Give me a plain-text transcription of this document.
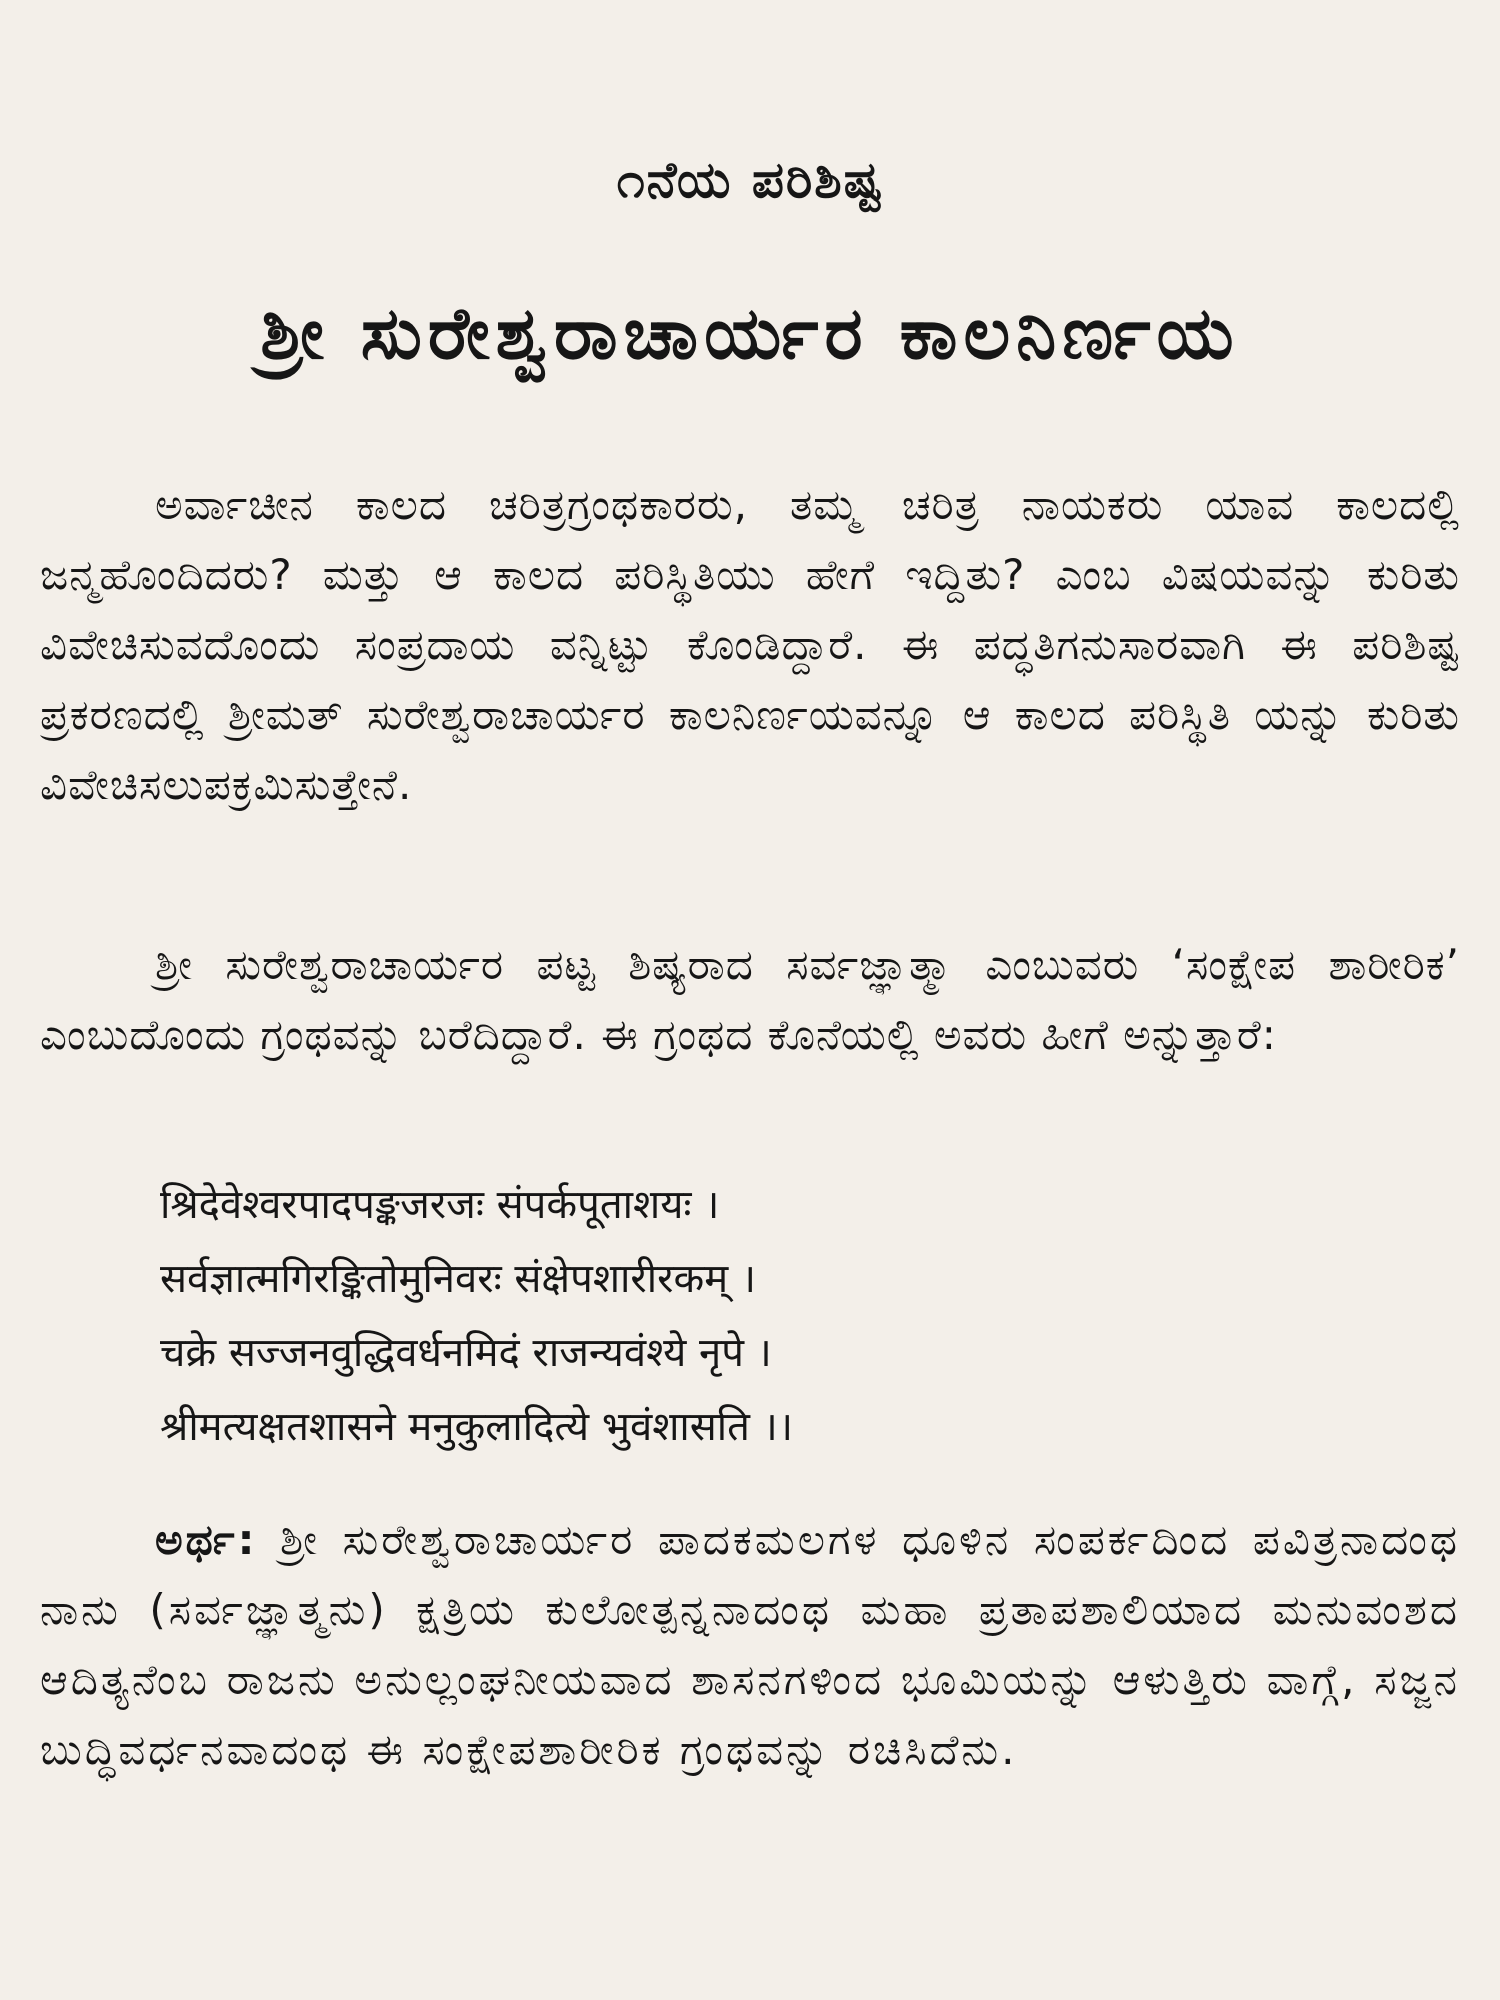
೧ನೆಯ ಪರಿಶಿಷ್ಟ
ಶ್ರೀ ಸುರೇಶ್ವರಾಚಾರ್ಯರ ಕಾಲನಿರ್ಣಯ
ಅರ್ವಾಚೀನ ಕಾಲದ ಚರಿತ್ರಗ್ರಂಥಕಾರರು, ತಮ್ಮ ಚರಿತ್ರ ನಾಯಕರು ಯಾವ ಕಾಲದಲ್ಲಿ ಜನ್ಮಹೊಂದಿದರು? ಮತ್ತು ಆ ಕಾಲದ ಪರಿಸ್ಥಿತಿಯು ಹೇಗೆ ಇದ್ದಿತು? ಎಂಬ ವಿಷಯವನ್ನು ಕುರಿತು ವಿವೇಚಿಸುವದೊಂದು ಸಂಪ್ರದಾಯ ವನ್ನಿಟ್ಟು ಕೊಂಡಿದ್ದಾರೆ. ಈ ಪದ್ಧತಿಗನುಸಾರವಾಗಿ ಈ ಪರಿಶಿಷ್ಟ ಪ್ರಕರಣದಲ್ಲಿ ಶ್ರೀಮತ್ ಸುರೇಶ್ವರಾಚಾರ್ಯರ ಕಾಲನಿರ್ಣಯವನ್ನೂ ಆ ಕಾಲದ ಪರಿಸ್ಥಿತಿ ಯನ್ನು ಕುರಿತು ವಿವೇಚಿಸಲುಪಕ್ರಮಿಸುತ್ತೇನೆ.
ಶ್ರೀ ಸುರೇಶ್ವರಾಚಾರ್ಯರ ಪಟ್ಟ ಶಿಷ್ಯರಾದ ಸರ್ವಜ್ಞಾತ್ಮಾ ಎಂಬುವರು ‘ಸಂಕ್ಷೇಪ ಶಾರೀರಿಕ’ ಎಂಬುದೊಂದು ಗ್ರಂಥವನ್ನು ಬರೆದಿದ್ದಾರೆ. ಈ ಗ್ರಂಥದ ಕೊನೆಯಲ್ಲಿ ಅವರು ಹೀಗೆ ಅನ್ನುತ್ತಾರೆ:
श्रिदेवेश्वरपादपङ्कजरजः संपर्कपूताशयः ।
सर्वज्ञात्मगिरङ्कितोमुनिवरः संक्षेपशारीरकम् ।
चक्रे सज्जनवुद्धिवर्धनमिदं राजन्यवंश्ये नृपे ।
श्रीमत्यक्षतशासने मनुकुलादित्ये भुवंशासति ।।
ಅರ್ಥ: ಶ್ರೀ ಸುರೇಶ್ವರಾಚಾರ್ಯರ ಪಾದಕಮಲಗಳ ಧೂಳಿನ ಸಂಪರ್ಕದಿಂದ ಪವಿತ್ರನಾದಂಥ ನಾನು (ಸರ್ವಜ್ಞಾತ್ಮನು) ಕ್ಷತ್ರಿಯ ಕುಲೋತ್ಪನ್ನನಾದಂಥ ಮಹಾ ಪ್ರತಾಪಶಾಲಿಯಾದ ಮನುವಂಶದ ಆದಿತ್ಯನೆಂಬ ರಾಜನು ಅನುಲ್ಲಂಘನೀಯವಾದ ಶಾಸನಗಳಿಂದ ಭೂಮಿಯನ್ನು ಆಳುತ್ತಿರು ವಾಗ್ಗೆ, ಸಜ್ಜನ ಬುದ್ಧಿವರ್ಧನವಾದಂಥ ಈ ಸಂಕ್ಷೇಪಶಾರೀರಿಕ ಗ್ರಂಥವನ್ನು ರಚಿಸಿದೆನು.
